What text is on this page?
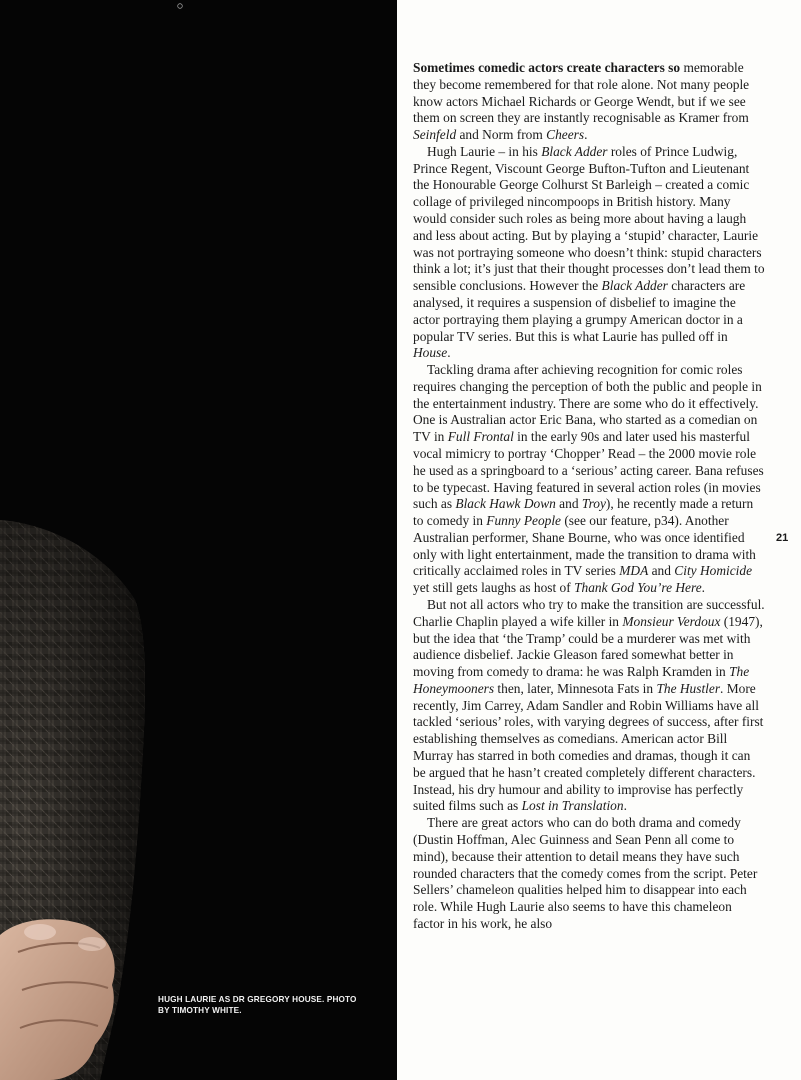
HUGH LAURIE AS DR GREGORY HOUSE. PHOTO BY TIMOTHY WHITE.
21

Sometimes comedic actors create characters so memorable they become remembered for that role alone. Not many people know actors Michael Richards or George Wendt, but if we see them on screen they are instantly recognisable as Kramer from Seinfeld and Norm from Cheers.

Hugh Laurie – in his Black Adder roles of Prince Ludwig, Prince Regent, Viscount George Bufton-Tufton and Lieutenant the Honourable George Colhurst St Barleigh – created a comic collage of privileged nincompoops in British history. Many would consider such roles as being more about having a laugh and less about acting. But by playing a ‘stupid’ character, Laurie was not portraying someone who doesn’t think: stupid characters think a lot; it’s just that their thought processes don’t lead them to sensible conclusions. However the Black Adder characters are analysed, it requires a suspension of disbelief to imagine the actor portraying them playing a grumpy American doctor in a popular TV series. But this is what Laurie has pulled off in House.

Tackling drama after achieving recognition for comic roles requires changing the perception of both the public and people in the entertainment industry. There are some who do it effectively. One is Australian actor Eric Bana, who started as a comedian on TV in Full Frontal in the early 90s and later used his masterful vocal mimicry to portray ‘Chopper’ Read – the 2000 movie role he used as a springboard to a ‘serious’ acting career. Bana refuses to be typecast. Having featured in several action roles (in movies such as Black Hawk Down and Troy), he recently made a return to comedy in Funny People (see our feature, p34). Another Australian performer, Shane Bourne, who was once identified only with light entertainment, made the transition to drama with critically acclaimed roles in TV series MDA and City Homicide yet still gets laughs as host of Thank God You’re Here.

But not all actors who try to make the transition are successful. Charlie Chaplin played a wife killer in Monsieur Verdoux (1947), but the idea that ‘the Tramp’ could be a murderer was met with audience disbelief. Jackie Gleason fared somewhat better in moving from comedy to drama: he was Ralph Kramden in The Honeymooners then, later, Minnesota Fats in The Hustler. More recently, Jim Carrey, Adam Sandler and Robin Williams have all tackled ‘serious’ roles, with varying degrees of success, after first establishing themselves as comedians. American actor Bill Murray has starred in both comedies and dramas, though it can be argued that he hasn’t created completely different characters. Instead, his dry humour and ability to improvise has perfectly suited films such as Lost in Translation.

There are great actors who can do both drama and comedy (Dustin Hoffman, Alec Guinness and Sean Penn all come to mind), because their attention to detail means they have such rounded characters that the comedy comes from the script. Peter Sellers’ chameleon qualities helped him to disappear into each role. While Hugh Laurie also seems to have this chameleon factor in his work, he also
